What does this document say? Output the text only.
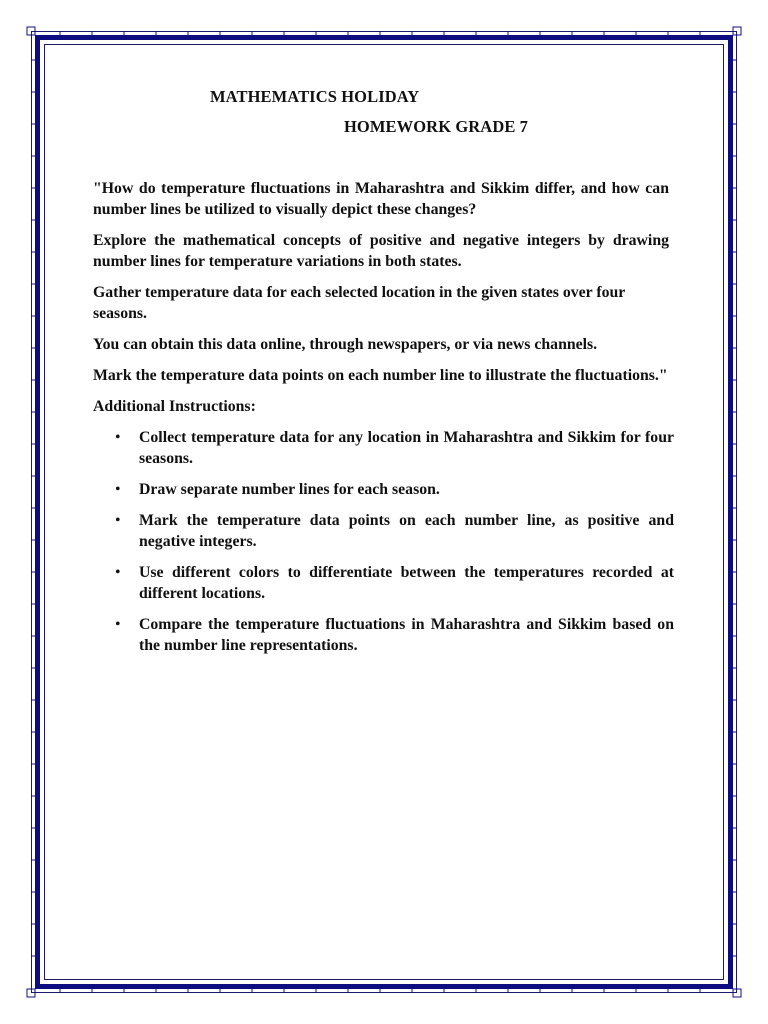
MATHEMATICS HOLIDAY
HOMEWORK GRADE 7

"How do temperature fluctuations in Maharashtra and Sikkim differ, and how can number lines be utilized to visually depict these changes?

Explore the mathematical concepts of positive and negative integers by drawing number lines for temperature variations in both states.

Gather temperature data for each selected location in the given states over four seasons.

You can obtain this data online, through newspapers, or via news channels.

Mark the temperature data points on each number line to illustrate the fluctuations."

Additional Instructions:

• Collect temperature data for any location in Maharashtra and Sikkim for four seasons.
• Draw separate number lines for each season.
• Mark the temperature data points on each number line, as positive and negative integers.
• Use different colors to differentiate between the temperatures recorded at different locations.
• Compare the temperature fluctuations in Maharashtra and Sikkim based on the number line representations.
